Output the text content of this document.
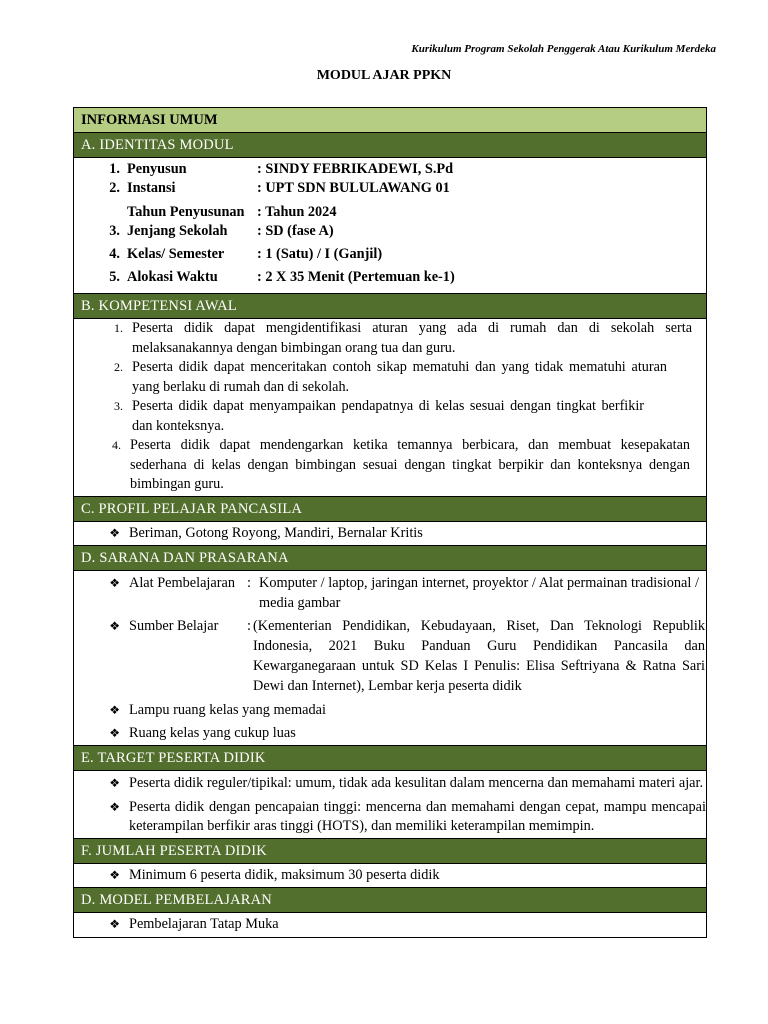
Kurikulum Program Sekolah Penggerak Atau Kurikulum Merdeka
MODUL AJAR PPKN
INFORMASI UMUM
A. IDENTITAS MODUL
1. Penyusun	: SINDY FEBRIKADEWI, S.Pd
2. Instansi	: UPT SDN BULULAWANG 01
Tahun Penyusunan : Tahun 2024
3. Jenjang Sekolah	: SD (fase A)
4. Kelas/ Semester	: 1 (Satu) / I (Ganjil)
5. Alokasi Waktu	: 2 X 35 Menit (Pertemuan ke-1)
B. KOMPETENSI AWAL
1. Peserta didik dapat mengidentifikasi aturan yang ada di rumah dan di sekolah serta melaksanakannya dengan bimbingan orang tua dan guru.
2. Peserta didik dapat menceritakan contoh sikap mematuhi dan yang tidak mematuhi aturan yang berlaku di rumah dan di sekolah.
3. Peserta didik dapat menyampaikan pendapatnya di kelas sesuai dengan tingkat berfikir dan konteksnya.
4. Peserta didik dapat mendengarkan ketika temannya berbicara, dan membuat kesepakatan sederhana di kelas dengan bimbingan sesuai dengan tingkat berpikir dan konteksnya dengan bimbingan guru.
C. PROFIL PELAJAR PANCASILA
❖ Beriman, Gotong Royong, Mandiri, Bernalar Kritis
D. SARANA DAN PRASARANA
❖ Alat Pembelajaran : Komputer / laptop, jaringan internet, proyektor / Alat permainan tradisional / media gambar
❖ Sumber Belajar	: (Kementerian Pendidikan, Kebudayaan, Riset, Dan Teknologi Republik Indonesia, 2021 Buku Panduan Guru Pendidikan Pancasila dan Kewarganegaraan untuk SD Kelas I Penulis: Elisa Seftriyana & Ratna Sari Dewi dan Internet), Lembar kerja peserta didik
❖ Lampu ruang kelas yang memadai
❖ Ruang kelas yang cukup luas
E. TARGET PESERTA DIDIK
❖ Peserta didik reguler/tipikal: umum, tidak ada kesulitan dalam mencerna dan memahami materi ajar.
❖ Peserta didik dengan pencapaian tinggi: mencerna dan memahami dengan cepat, mampu mencapai keterampilan berfikir aras tinggi (HOTS), dan memiliki keterampilan memimpin.
F. JUMLAH PESERTA DIDIK
❖ Minimum 6 peserta didik, maksimum 30 peserta didik
D. MODEL PEMBELAJARAN
❖ Pembelajaran Tatap Muka
